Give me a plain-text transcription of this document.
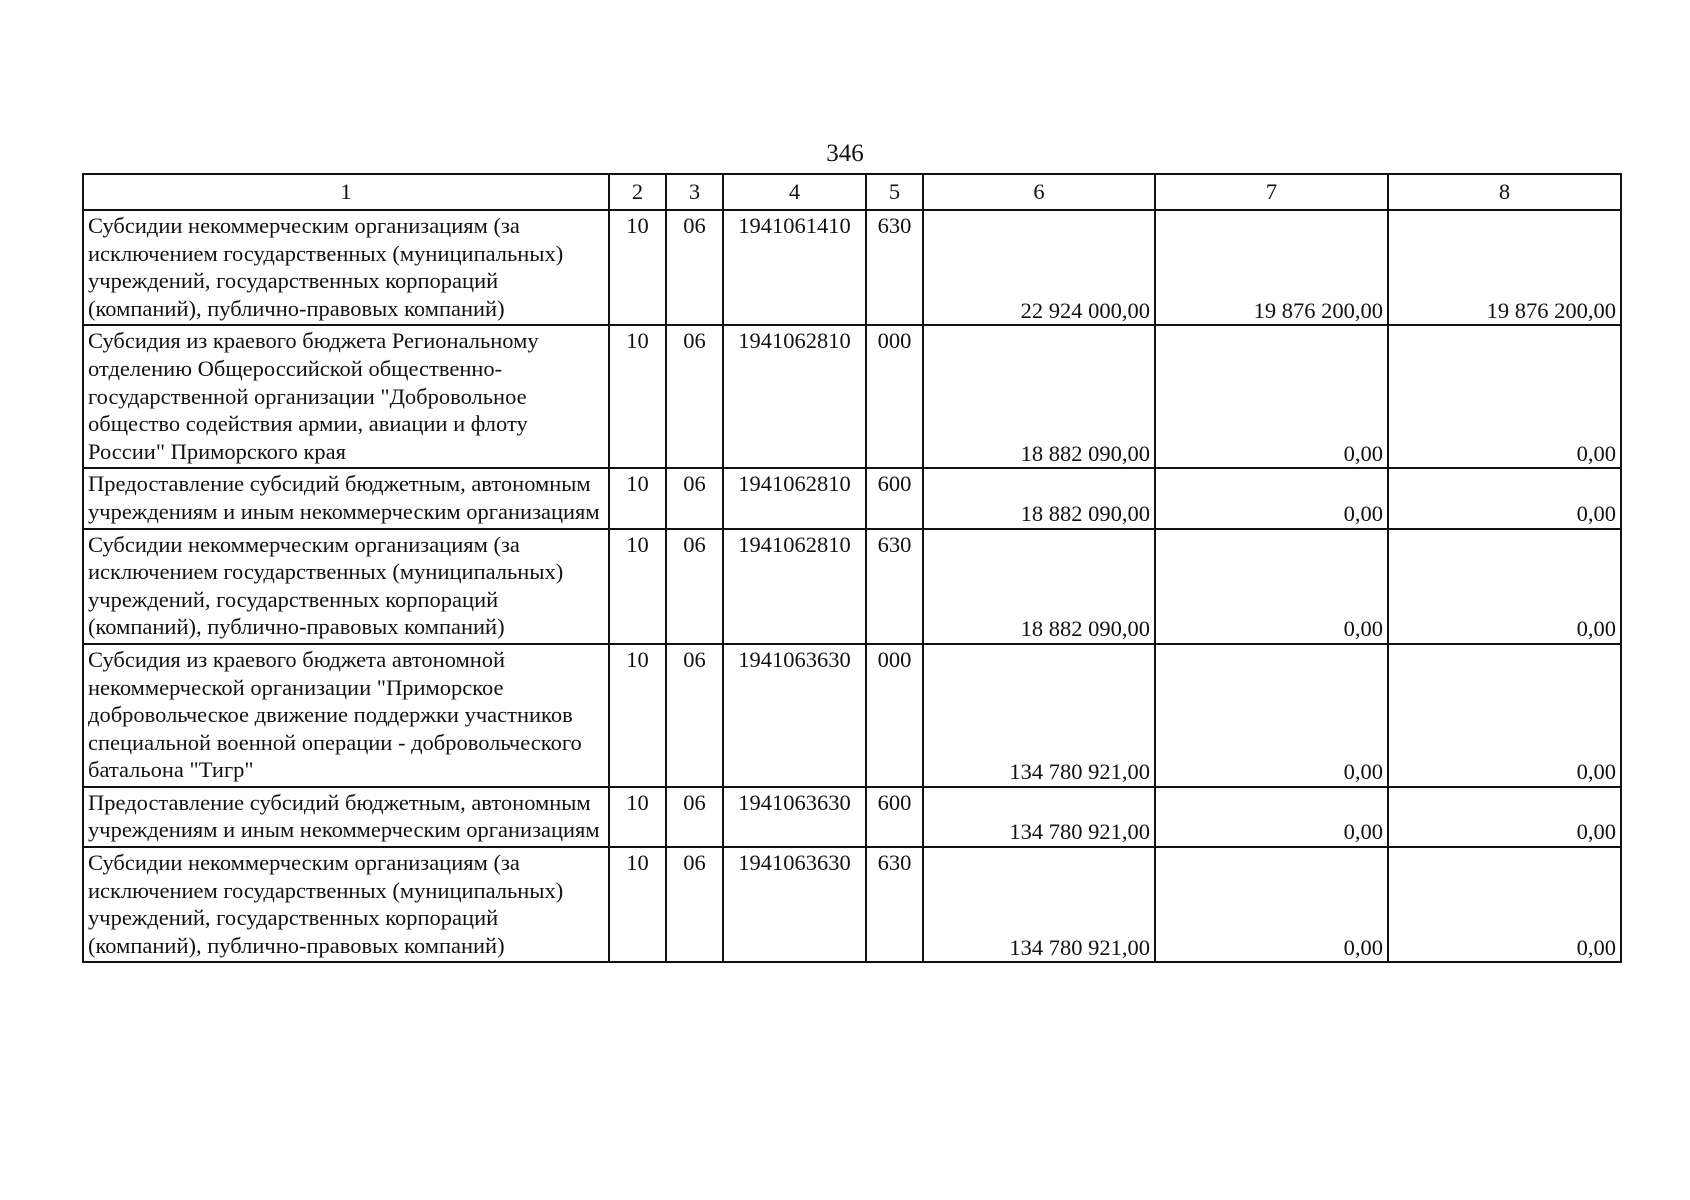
346
1	2	3	4	5	6	7	8
Субсидии некоммерческим организациям (за исключением государственных (муниципальных) учреждений, государственных корпораций (компаний), публично-правовых компаний)	10	06	1941061410	630	22 924 000,00	19 876 200,00	19 876 200,00
Субсидия из краевого бюджета Региональному отделению Общероссийской общественно-государственной организации "Добровольное общество содействия армии, авиации и флоту России" Приморского края	10	06	1941062810	000	18 882 090,00	0,00	0,00
Предоставление субсидий бюджетным, автономным учреждениям и иным некоммерческим организациям	10	06	1941062810	600	18 882 090,00	0,00	0,00
Субсидии некоммерческим организациям (за исключением государственных (муниципальных) учреждений, государственных корпораций (компаний), публично-правовых компаний)	10	06	1941062810	630	18 882 090,00	0,00	0,00
Субсидия из краевого бюджета автономной некоммерческой организации "Приморское добровольческое движение поддержки участников специальной военной операции - добровольческого батальона "Тигр"	10	06	1941063630	000	134 780 921,00	0,00	0,00
Предоставление субсидий бюджетным, автономным учреждениям и иным некоммерческим организациям	10	06	1941063630	600	134 780 921,00	0,00	0,00
Субсидии некоммерческим организациям (за исключением государственных (муниципальных) учреждений, государственных корпораций (компаний), публично-правовых компаний)	10	06	1941063630	630	134 780 921,00	0,00	0,00
